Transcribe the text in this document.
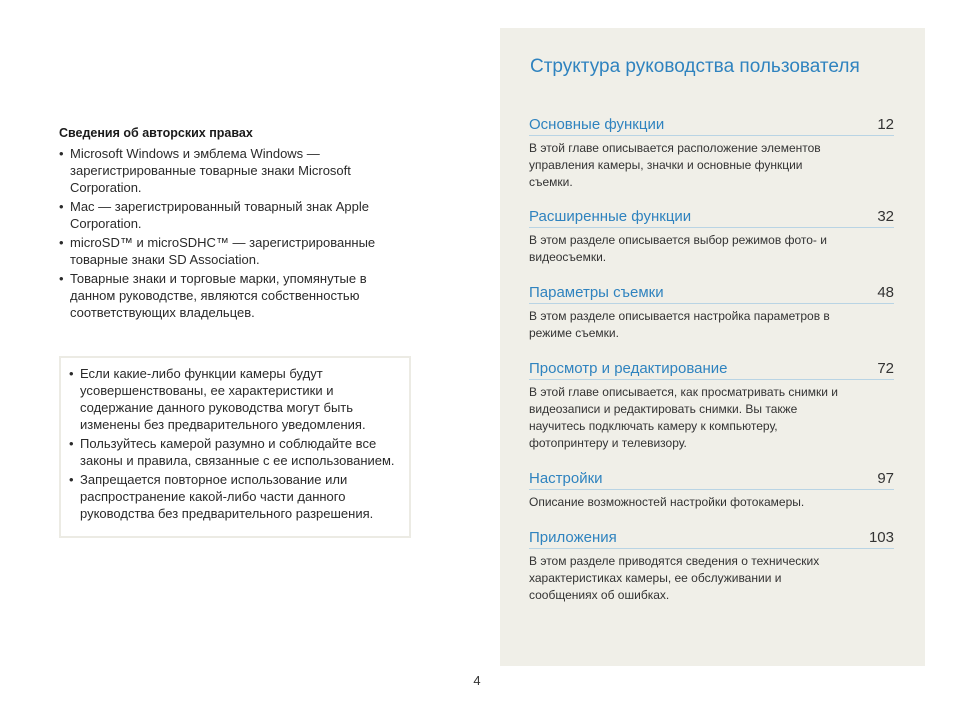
Сведения об авторских правах

• Microsoft Windows и эмблема Windows — зарегистрированные товарные знаки Microsoft Corporation.
• Mac — зарегистрированный товарный знак Apple Corporation.
• microSD™ и microSDHC™ — зарегистрированные товарные знаки SD Association.
• Товарные знаки и торговые марки, упомянутые в данном руководстве, являются собственностью соответствующих владельцев.
• Если какие-либо функции камеры будут усовершенствованы, ее характеристики и содержание данного руководства могут быть изменены без предварительного уведомления.
• Пользуйтесь камерой разумно и соблюдайте все законы и правила, связанные с ее использованием.
• Запрещается повторное использование или распространение какой-либо части данного руководства без предварительного разрешения.
Структура руководства пользователя
Основные функции	12
В этой главе описывается расположение элементов управления камеры, значки и основные функции съемки.
Расширенные функции	32
В этом разделе описывается выбор режимов фото- и видеосъемки.
Параметры съемки	48
В этом разделе описывается настройка параметров в режиме съемки.
Просмотр и редактирование	72
В этой главе описывается, как просматривать снимки и видеозаписи и редактировать снимки. Вы также научитесь подключать камеру к компьютеру, фотопринтеру и телевизору.
Настройки	97
Описание возможностей настройки фотокамеры.
Приложения	103
В этом разделе приводятся сведения о технических характеристиках камеры, ее обслуживании и сообщениях об ошибках.
4
